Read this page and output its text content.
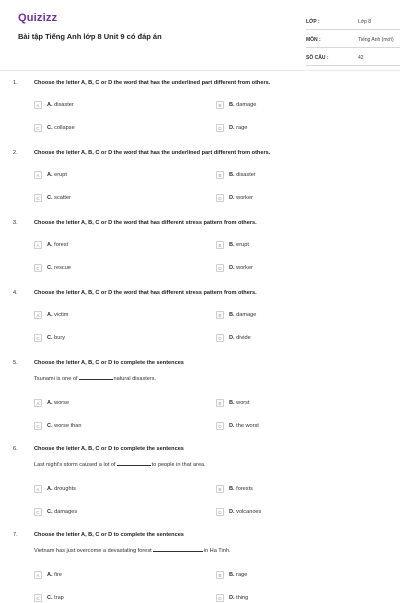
Quizizz
Bài tập Tiếng Anh lớp 8 Unit 9 có đáp án
LỚP :	Lớp 8
MÔN :	Tiếng Anh (mới)
SỐ CÂU :	42
1.	Choose the letter A, B, C or D the word that has the underlined part different from others.
A	A. disaster	B	B. damage
C	C. collapse	D	D. rage
2.	Choose the letter A, B, C or D the word that has the underlined part different from others.
A	A. erupt	B	B. disaster
C	C. scatter	D	D. worker
3.	Choose the letter A, B, C or D the word that has different stress pattern from others.
A	A. forest	B	B. erupt
C	C. rescue	D	D. worker
4.	Choose the letter A, B, C or D the word that has different stress pattern from others.
A	A. victim	B	B. damage
C	C. bury	D	D. divide
5.	Choose the letter A, B, C or D to complete the sentences
Tsunami is one of	natural disasters.
A	A. worse	B	B. worst
C	C. worse than	D	D. the worst
6.	Choose the letter A, B, C or D to complete the sentences
Last night's storm caused a lot of	to people in that area.
A	A. droughts	B	B. forests
C	C. damages	D	D. volcanoes
7.	Choose the letter A, B, C or D to complete the sentences
Vietnam has just overcome a devastating forest	in Ha Tinh.
A	A. fire	B	B. rage
C	C. trap	D	D. thing
